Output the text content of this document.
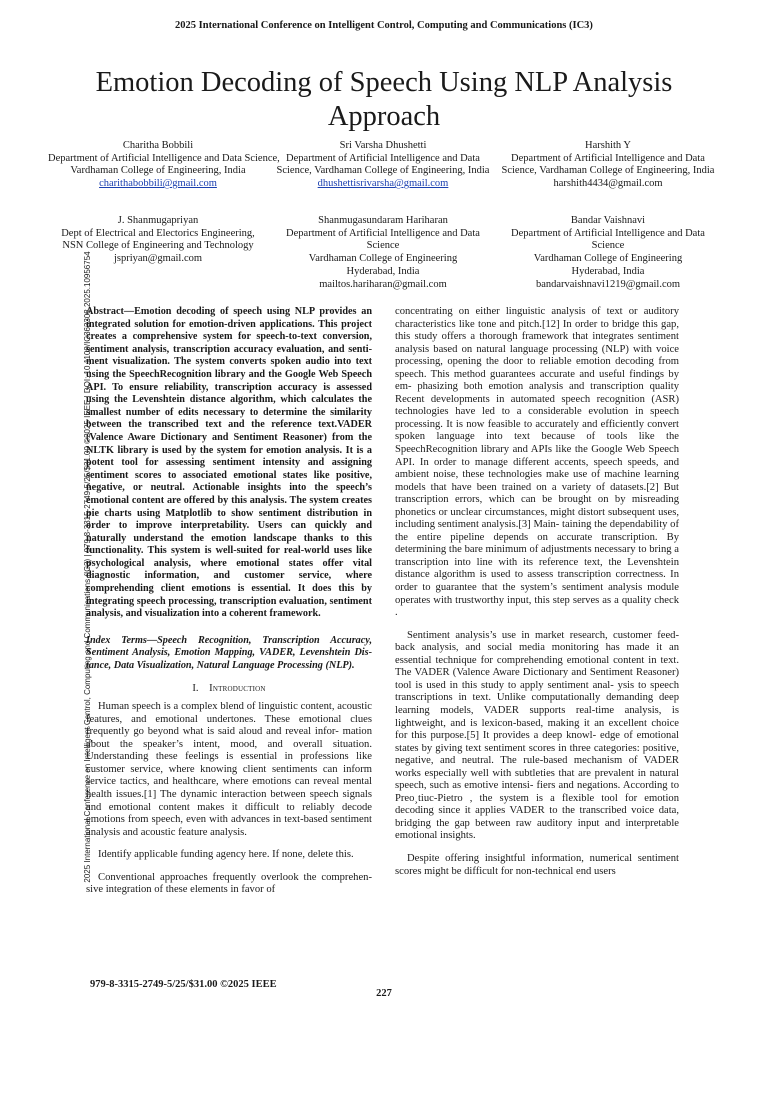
2025 International Conference on Intelligent Control, Computing and Communications (IC3)
Emotion Decoding of Speech Using NLP Analysis Approach
Charitha Bobbili
Department of Artificial Intelligence and Data Science,
Vardhaman College of Engineering, India
charithabobbili@gmail.com
Sri Varsha Dhushetti
Department of Artificial Intelligence and Data Science, Vardhaman College of Engineering, India
dhushettisrivarsha@gmail.com
Harshith Y
Department of Artificial Intelligence and Data Science, Vardhaman College of Engineering, India
harshith4434@gmail.com
J. Shanmugapriyan
Dept of Electrical and Electorics Engineering,
NSN College of Engineering and Technology
jspriyan@gmail.com
Shanmugasundaram Hariharan
Department of Artificial Intelligence and Data Science
Vardhaman College of Engineering
Hyderabad, India
mailtos.hariharan@gmail.com
Bandar Vaishnavi
Department of Artificial Intelligence and Data Science
Vardhaman College of Engineering
Hyderabad, India
bandarvaishnavi1219@gmail.com
2025 International Conference on Intelligent Control, Computing and Communications (IC3) | 979-8-3315-2749-5/25/$31.00 ©2025 IEEE | DOI: 10.1109/IC363308.2025.10956754

Abstract—Emotion decoding of speech using NLP provides an integrated solution for emotion-driven applications. This project creates a comprehensive system for speech-to-text conversion, sentiment analysis, transcription accuracy evaluation, and senti- ment visualization. The system converts spoken audio into text using the SpeechRecognition library and the Google Web Speech API. To ensure reliability, transcription accuracy is assessed using the Levenshtein distance algorithm, which calculates the smallest number of edits necessary to determine the similarity between the transcribed text and the reference text.VADER (Valence Aware Dictionary and Sentiment Reasoner) from the NLTK library is used by the system for emotion analysis. It is a potent tool for assessing sentiment intensity and assigning sentiment scores to associated emotional states like positive, negative, or neutral. Actionable insights into the speech’s emotional content are offered by this analysis. The system creates pie charts using Matplotlib to show sentiment distribution in order to improve interpretability. Users can quickly and naturally understand the emotion landscape thanks to this functionality. This system is well-suited for real-world uses like psychological analysis, where emotional states offer vital diagnostic information, and customer service, where comprehending client emotions is essential. It does this by integrating speech processing, transcription evaluation, sentiment analysis, and visualization into a coherent framework.

Index Terms—Speech Recognition, Transcription Accuracy, Sentiment Analysis, Emotion Mapping, VADER, Levenshtein Dis- tance, Data Visualization, Natural Language Processing (NLP).

I. Introduction

Human speech is a complex blend of linguistic content, acoustic features, and emotional undertones. These emotional clues frequently go beyond what is said aloud and reveal infor- mation about the speaker’s intent, mood, and overall situation. Understanding these feelings is essential in professions like customer service, where knowing client sentiments can inform service tactics, and healthcare, where emotions can reveal mental health issues.[1] The dynamic interaction between speech signals and emotional content makes it difficult to reliably decode emotions from speech, even with advances in text-based sentiment analysis and acoustic feature analysis.

Identify applicable funding agency here. If none, delete this.

Conventional approaches frequently overlook the comprehen- sive integration of these elements in favor of

concentrating on either linguistic analysis of text or auditory characteristics like tone and pitch.[12] In order to bridge this gap, this study offers a thorough framework that integrates sentiment analysis based on natural language processing (NLP) with voice processing, opening the door to reliable emotion decoding from speech. This method guarantees accurate and useful findings by em- phasizing both emotion analysis and transcription quality Recent developments in automated speech recognition (ASR) technologies have led to a considerable evolution in speech processing. It is now feasible to accurately and efficiently convert spoken language into text because of tools like the SpeechRecognition library and APIs like the Google Web Speech API. In order to manage different accents, speech speeds, and ambient noise, these technologies make use of machine learning models that have been trained on a variety of datasets.[2] But transcription errors, which can be brought on by misreading phonetics or unclear circumstances, might distort subsequent uses, including sentiment analysis.[3] Main- taining the dependability of the entire pipeline depends on accurate transcription. By determining the bare minimum of adjustments necessary to bring a transcription into line with its reference text, the Levenshtein distance algorithm is used to assess transcription correctness. In order to guarantee that the system’s sentiment analysis module operates with trustworthy input, this step serves as a quality check .

Sentiment analysis’s use in market research, customer feed- back analysis, and social media monitoring has made it an essential technique for comprehending emotional content in text. The VADER (Valence Aware Dictionary and Sentiment Reasoner) tool is used in this study to apply sentiment anal- ysis to speech transcriptions in text. Unlike computationally demanding deep learning models, VADER supports real-time analysis, is lightweight, and is lexicon-based, making it an excellent choice for this purpose.[5] It provides a deep knowl- edge of emotional states by giving text sentiment scores in three categories: positive, negative, and neutral. The rule-based mechanism of VADER works especially well with subtleties that are prevalent in natural speech, such as emotive intensi- fiers and negations. According to Preo¸tiuc-Pietro , the system is a flexible tool for emotion decoding since it applies VADER to the transcribed voice data, bridging the gap between raw auditory input and interpretable emotional insights.

Despite offering insightful information, numerical sentiment scores might be difficult for non-technical end users

979-8-3315-2749-5/25/$31.00 ©2025 IEEE
227
